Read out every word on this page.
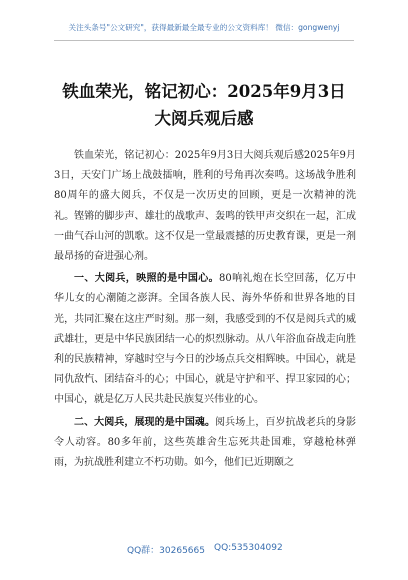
关注头条号"公文研究"，获得最新最全最专业的公文资料库！ 微信：gongwenyj
铁血荣光，铭记初心：2025年9月3日大阅兵观后感

铁血荣光，铭记初心：2025年9月3日大阅兵观后感2025年9月3日，天安门广场上战鼓擂响，胜利的号角再次奏鸣。这场战争胜利80周年的盛大阅兵，不仅是一次历史的回顾，更是一次精神的洗礼。铿锵的脚步声、雄壮的战歌声、轰鸣的铁甲声交织在一起，汇成一曲气吞山河的凯歌。这不仅是一堂最震撼的历史教育课，更是一剂最昂扬的奋进强心剂。

一、大阅兵，映照的是中国心。80响礼炮在长空回荡，亿万中华儿女的心潮随之澎湃。全国各族人民、海外华侨和世界各地的目光，共同汇聚在这庄严时刻。那一刻，我感受到的不仅是阅兵式的威武雄壮，更是中华民族团结一心的炽烈脉动。从八年浴血奋战走向胜利的民族精神，穿越时空与今日的沙场点兵交相辉映。中国心，就是同仇敌忾、团结奋斗的心；中国心，就是守护和平、捍卫家园的心；中国心，就是亿万人民共赴民族复兴伟业的心。

二、大阅兵，展现的是中国魂。阅兵场上，百岁抗战老兵的身影令人动容。80多年前，这些英雄舍生忘死共赴国难，穿越枪林弹雨，为抗战胜利建立不朽功勋。如今，他们已近期颐之

QQ群：30265665 QQ:535304092
